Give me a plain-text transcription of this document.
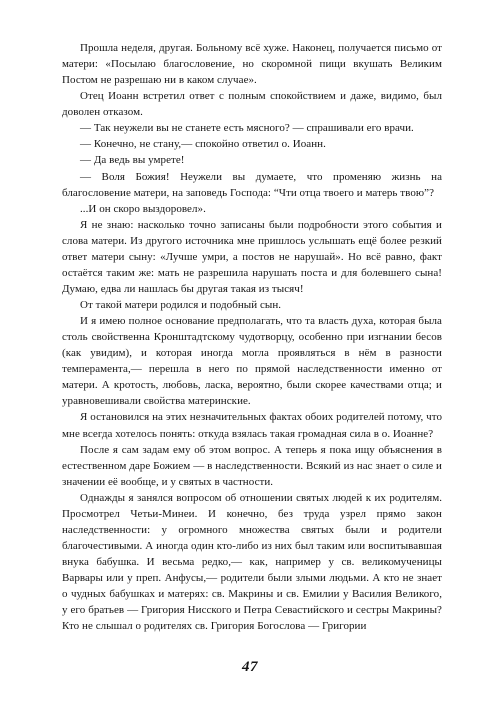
Прошла неделя, другая. Больному всё хуже. Наконец, получается письмо от матери: «Посылаю благословение, но скоромной пищи вкушать Великим Постом не разрешаю ни в каком случае».

Отец Иоанн встретил ответ с полным спокойствием и даже, видимо, был доволен отказом.

— Так неужели вы не станете есть мясного? — спрашивали его врачи.

— Конечно, не стану,— спокойно ответил о. Иоанн.

— Да ведь вы умрете!

— Воля Божия! Неужели вы думаете, что променяю жизнь на благословение матери, на заповедь Господа: “Чти отца твоего и матерь твою”?

...И он скоро выздоровел».

Я не знаю: насколько точно записаны были подробности этого события и слова матери. Из другого источника мне пришлось услышать ещё более резкий ответ матери сыну: «Лучше умри, а постов не нарушай». Но всё равно, факт остаётся таким же: мать не разрешила нарушать поста и для болевшего сына! Думаю, едва ли нашлась бы другая такая из тысяч!

От такой матери родился и подобный сын.

И я имею полное основание предполагать, что та власть духа, которая была столь свойственна Кронштадтскому чудотворцу, особенно при изгнании бесов (как увидим), и которая иногда могла проявляться в нём в разности темперамента,— перешла в него по прямой наследственности именно от матери. А кротость, любовь, ласка, вероятно, были скорее качествами отца; и уравновешивали свойства материнские.

Я остановился на этих незначительных фактах обоих родителей потому, что мне всегда хотелось понять: откуда взялась такая громадная сила в о. Иоанне?

После я сам задам ему об этом вопрос. А теперь я пока ищу объяснения в естественном даре Божием — в наследственности. Всякий из нас знает о силе и значении её вообще, и у святых в частности.

Однажды я занялся вопросом об отношении святых людей к их родителям. Просмотрел Четьи-Минеи. И конечно, без труда узрел прямо закон наследственности: у огромного множества святых были и родители благочестивыми. А иногда один кто-либо из них был таким или воспитывавшая внука бабушка. И весьма редко,— как, например у св. великомученицы Варвары или у преп. Анфусы,— родители были злыми людьми. А кто не знает о чудных бабушках и матерях: св. Макрины и св. Емилии у Василия Великого, у его братьев — Григория Нисского и Петра Севастийского и сестры Макрины? Кто не слышал о родителях св. Григория Богослова — Григории

47
